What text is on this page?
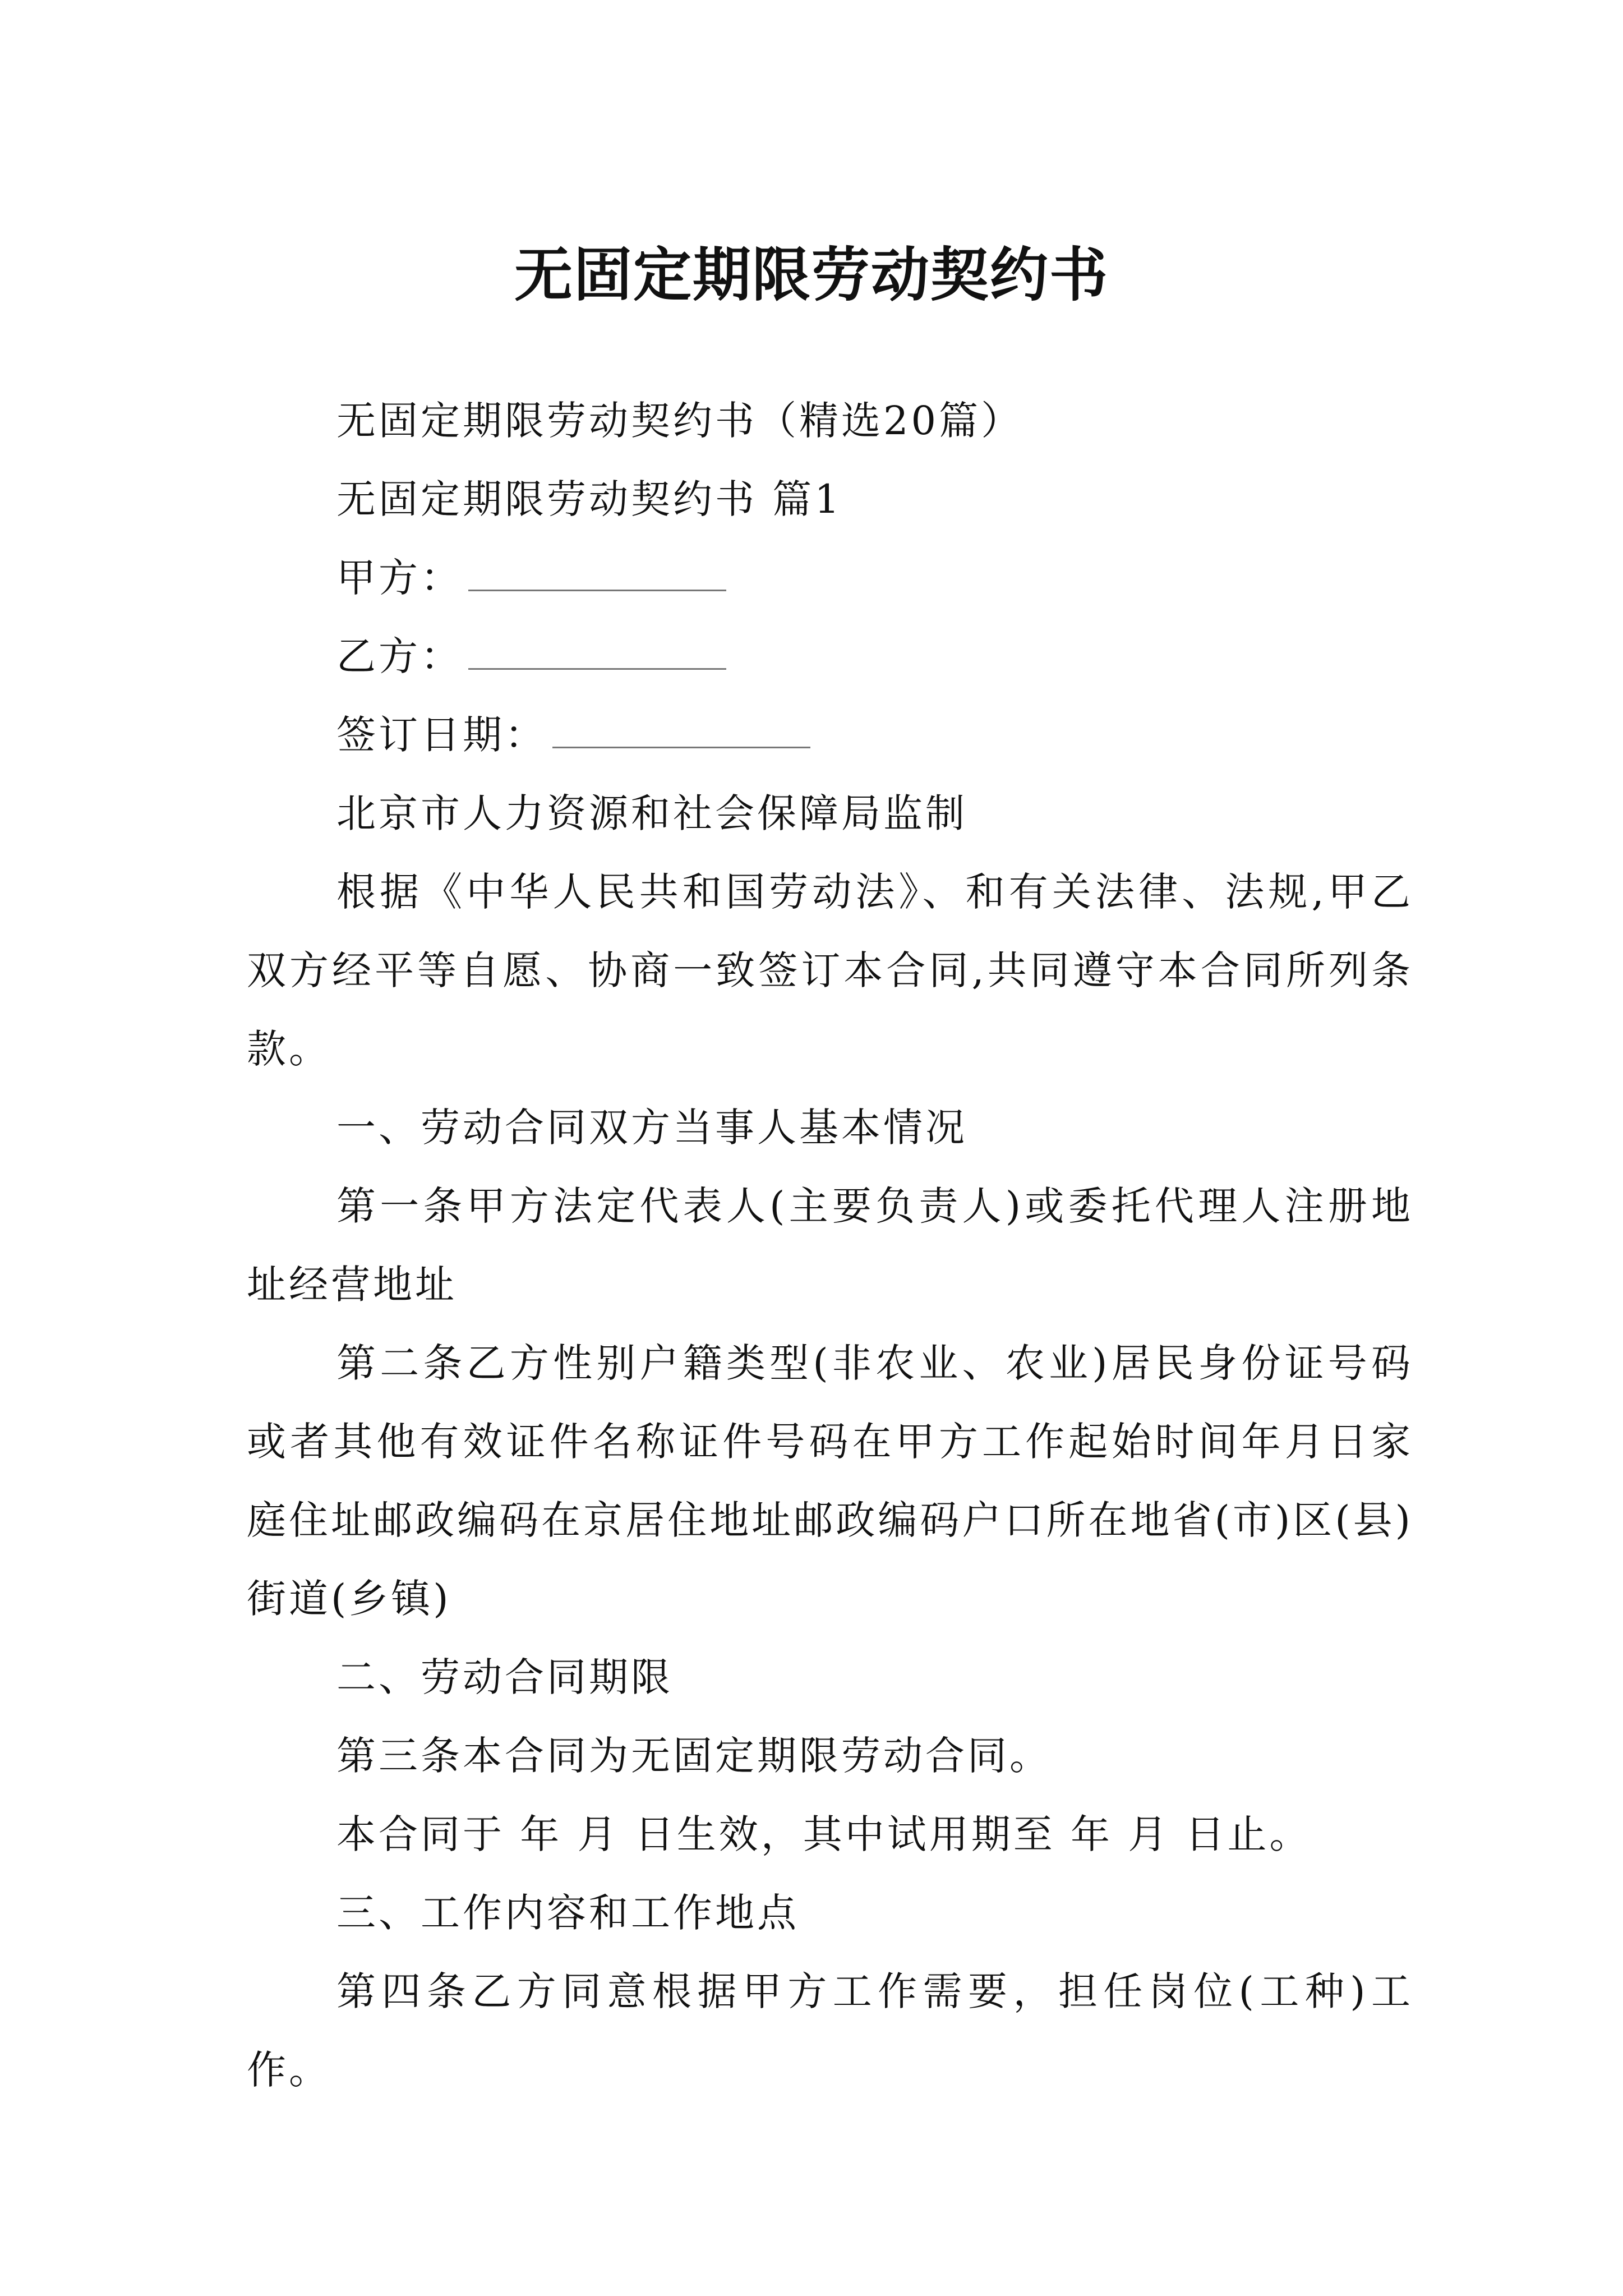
无固定期限劳动契约书

无固定期限劳动契约书（精选20篇）

无固定期限劳动契约书 篇1

甲方：

乙方：

签订日期：

北京市人力资源和社会保障局监制

根据《中华人民共和国劳动法》、和有关法律、法规,甲乙双方经平等自愿、协商一致签订本合同,共同遵守本合同所列条款。

一、劳动合同双方当事人基本情况

第一条甲方法定代表人(主要负责人)或委托代理人注册地址经营地址

第二条乙方性别户籍类型(非农业、农业)居民身份证号码或者其他有效证件名称证件号码在甲方工作起始时间年月日家庭住址邮政编码在京居住地址邮政编码户口所在地省(市)区(县)街道(乡镇)

二、劳动合同期限

第三条本合同为无固定期限劳动合同。

本合同于 年 月 日生效，其中试用期至 年 月 日止。

三、工作内容和工作地点

第四条乙方同意根据甲方工作需要，担任岗位(工种)工作。
